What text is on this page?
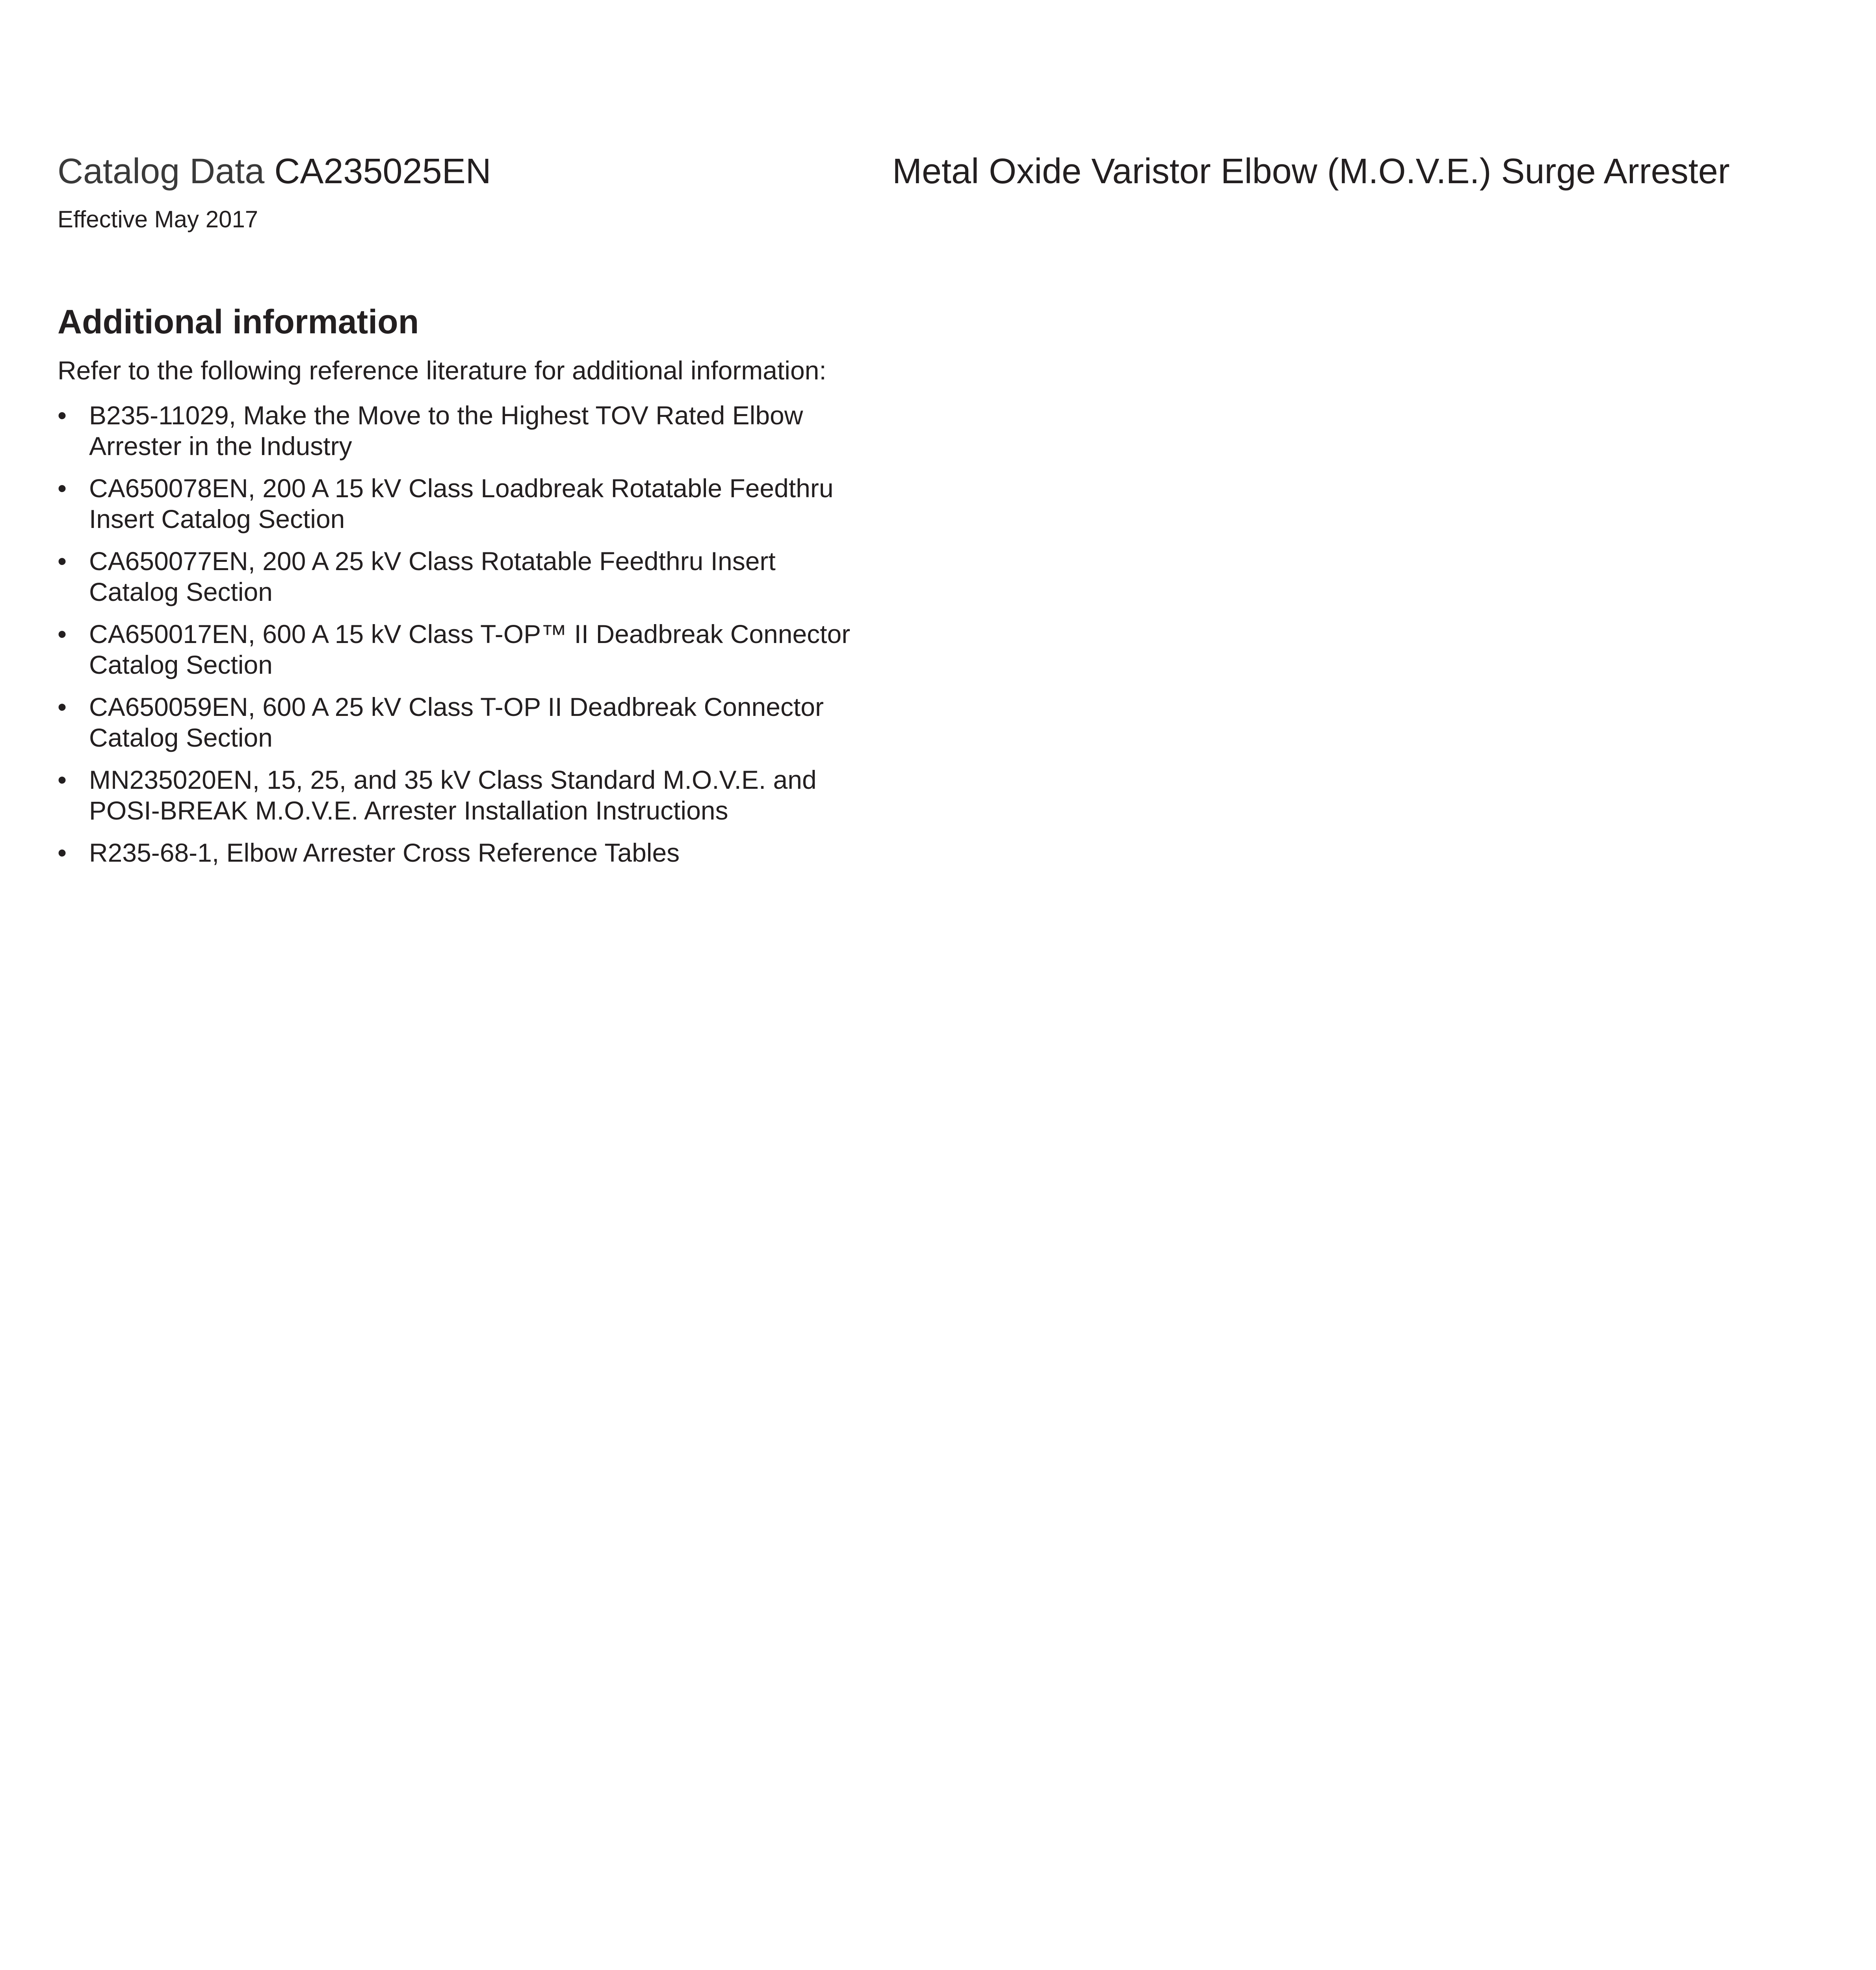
Catalog Data CA235025EN
Effective May 2017
Metal Oxide Varistor Elbow (M.O.V.E.) Surge Arrester
Additional information
Refer to the following reference literature for additional information:
• B235-11029, Make the Move to the Highest TOV Rated Elbow
Arrester in the Industry
• CA650078EN, 200 A 15 kV Class Loadbreak Rotatable Feedthru
Insert Catalog Section
• CA650077EN, 200 A 25 kV Class Rotatable Feedthru Insert
Catalog Section
• CA650017EN, 600 A 15 kV Class T-OP™ II Deadbreak Connector
Catalog Section
• CA650059EN, 600 A 25 kV Class T-OP II Deadbreak Connector
Catalog Section
• MN235020EN, 15, 25, and 35 kV Class Standard M.O.V.E. and
POSI-BREAK M.O.V.E. Arrester Installation Instructions
• R235-68-1, Elbow Arrester Cross Reference Tables
